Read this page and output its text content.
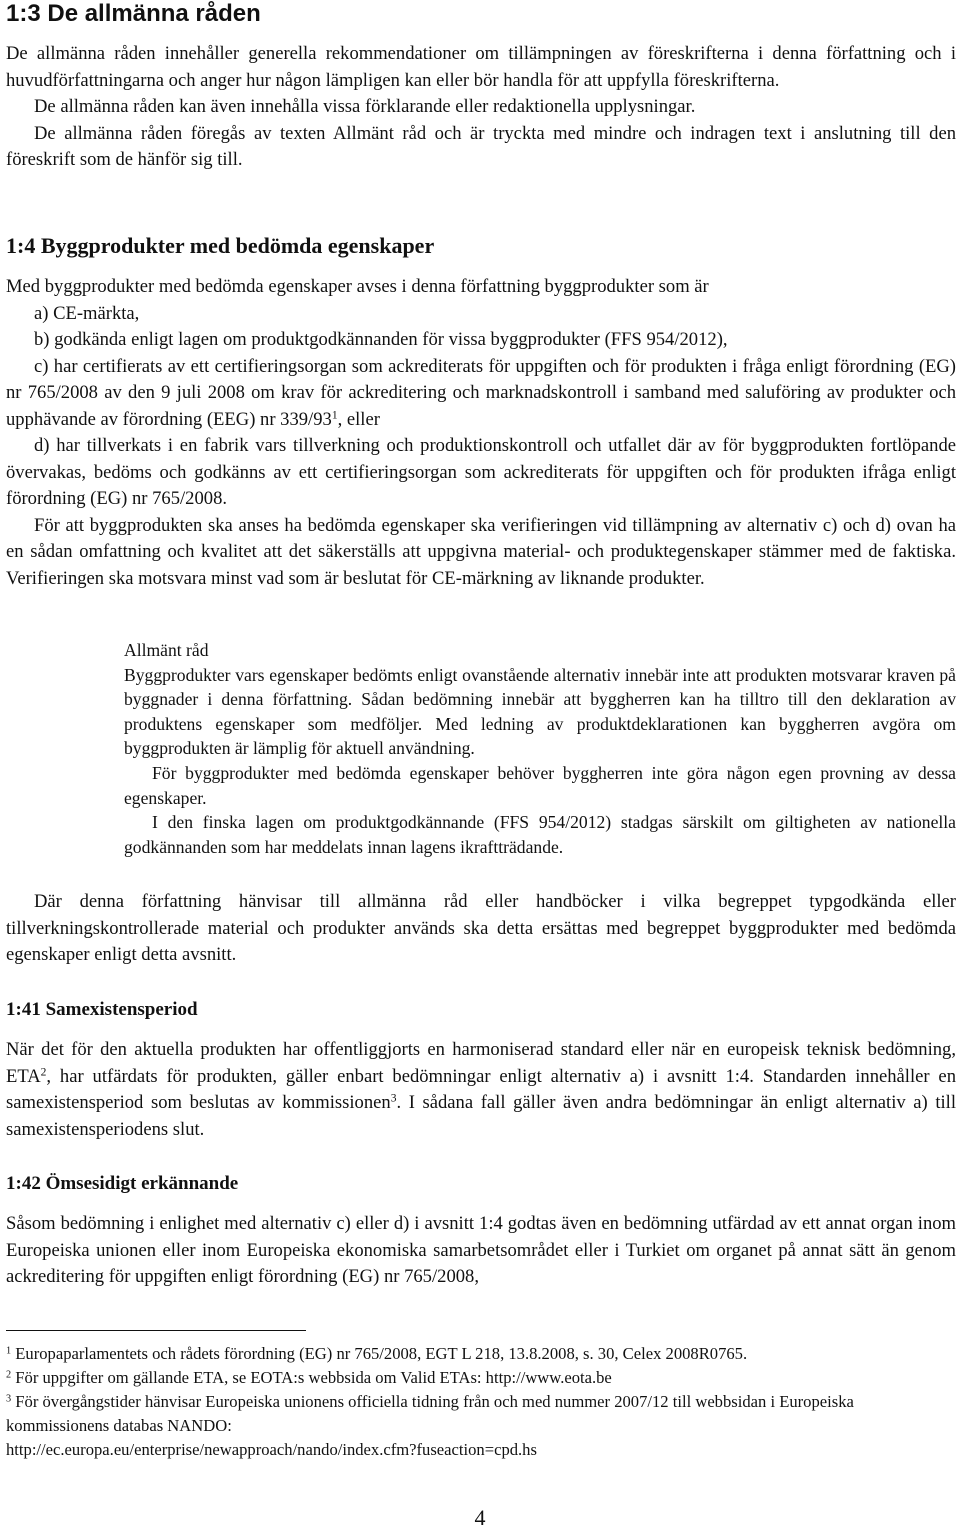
1:3 De allmänna råden

De allmänna råden innehåller generella rekommendationer om tillämpningen av föreskrifterna i denna författning och i huvudförfattningarna och anger hur någon lämpligen kan eller bör handla för att uppfylla föreskrifterna.

De allmänna råden kan även innehålla vissa förklarande eller redaktionella upplysningar.

De allmänna råden föregås av texten Allmänt råd och är tryckta med mindre och indragen text i anslutning till den föreskrift som de hänför sig till.

1:4 Byggprodukter med bedömda egenskaper

Med byggprodukter med bedömda egenskaper avses i denna författning byggprodukter som är

a) CE-märkta,

b) godkända enligt lagen om produktgodkännanden för vissa byggprodukter (FFS 954/2012),

c) har certifierats av ett certifieringsorgan som ackrediterats för uppgiften och för produkten i fråga enligt förordning (EG) nr 765/2008 av den 9 juli 2008 om krav för ackreditering och marknadskontroll i samband med saluföring av produkter och upphävande av förordning (EEG) nr $339/93^1$, eller

d) har tillverkats i en fabrik vars tillverkning och produktionskontroll och utfallet där av för byggprodukten fortlöpande övervakas, bedöms och godkänns av ett certifieringsorgan som ackrediterats för uppgiften och för produkten ifråga enligt förordning (EG) nr 765/2008.

För att byggprodukten ska anses ha bedömda egenskaper ska verifieringen vid tillämpning av alternativ c) och d) ovan ha en sådan omfattning och kvalitet att det säkerställs att uppgivna material- och produktegenskaper stämmer med de faktiska. Verifieringen ska motsvara minst vad som är beslutat för CE-märkning av liknande produkter.

Allmänt råd

Byggprodukter vars egenskaper bedömts enligt ovanstående alternativ innebär inte att produkten motsvarar kraven på byggnader i denna författning. Sådan bedömning innebär att byggherren kan ha tilltro till den deklaration av produktens egenskaper som medföljer. Med ledning av produktdeklarationen kan byggherren avgöra om byggprodukten är lämplig för aktuell användning.

För byggprodukter med bedömda egenskaper behöver byggherren inte göra någon egen provning av dessa egenskaper.

I den finska lagen om produktgodkännande (FFS 954/2012) stadgas särskilt om giltigheten av nationella godkännanden som har meddelats innan lagens ikraftträdande.

Där denna författning hänvisar till allmänna råd eller handböcker i vilka begreppet typgodkända eller tillverkningskontrollerade material och produkter används ska detta ersättas med begreppet byggprodukter med bedömda egenskaper enligt detta avsnitt.

1:41 Samexistensperiod

När det för den aktuella produkten har offentliggjorts en harmoniserad standard eller när en europeisk teknisk bedömning, ETA$^2$, har utfärdats för produkten, gäller enbart bedömningar enligt alternativ a) i avsnitt 1:4. Standarden innehåller en samexistensperiod som beslutas av kommissionen$^3$. I sådana fall gäller även andra bedömningar än enligt alternativ a) till samexistensperiodens slut.

1:42 Ömsesidigt erkännande

Såsom bedömning i enlighet med alternativ c) eller d) i avsnitt 1:4 godtas även en bedömning utfärdad av ett annat organ inom Europeiska unionen eller inom Europeiska ekonomiska samarbetsområdet eller i Turkiet om organet på annat sätt än genom ackreditering för uppgiften enligt förordning (EG) nr 765/2008,

$^1$ Europaparlamentets och rådets förordning (EG) nr 765/2008, EGT L 218, 13.8.2008, s. 30, Celex 2008R0765.

$^2$ För uppgifter om gällande ETA, se EOTA:s webbsida om Valid ETAs: http://www.eota.be

$^3$ För övergångstider hänvisar Europeiska unionens officiella tidning från och med nummer 2007/12 till webbsidan i Europeiska kommissionens databas NANDO:

http://ec.europa.eu/enterprise/newapproach/nando/index.cfm?fuseaction=cpd.hs

4
